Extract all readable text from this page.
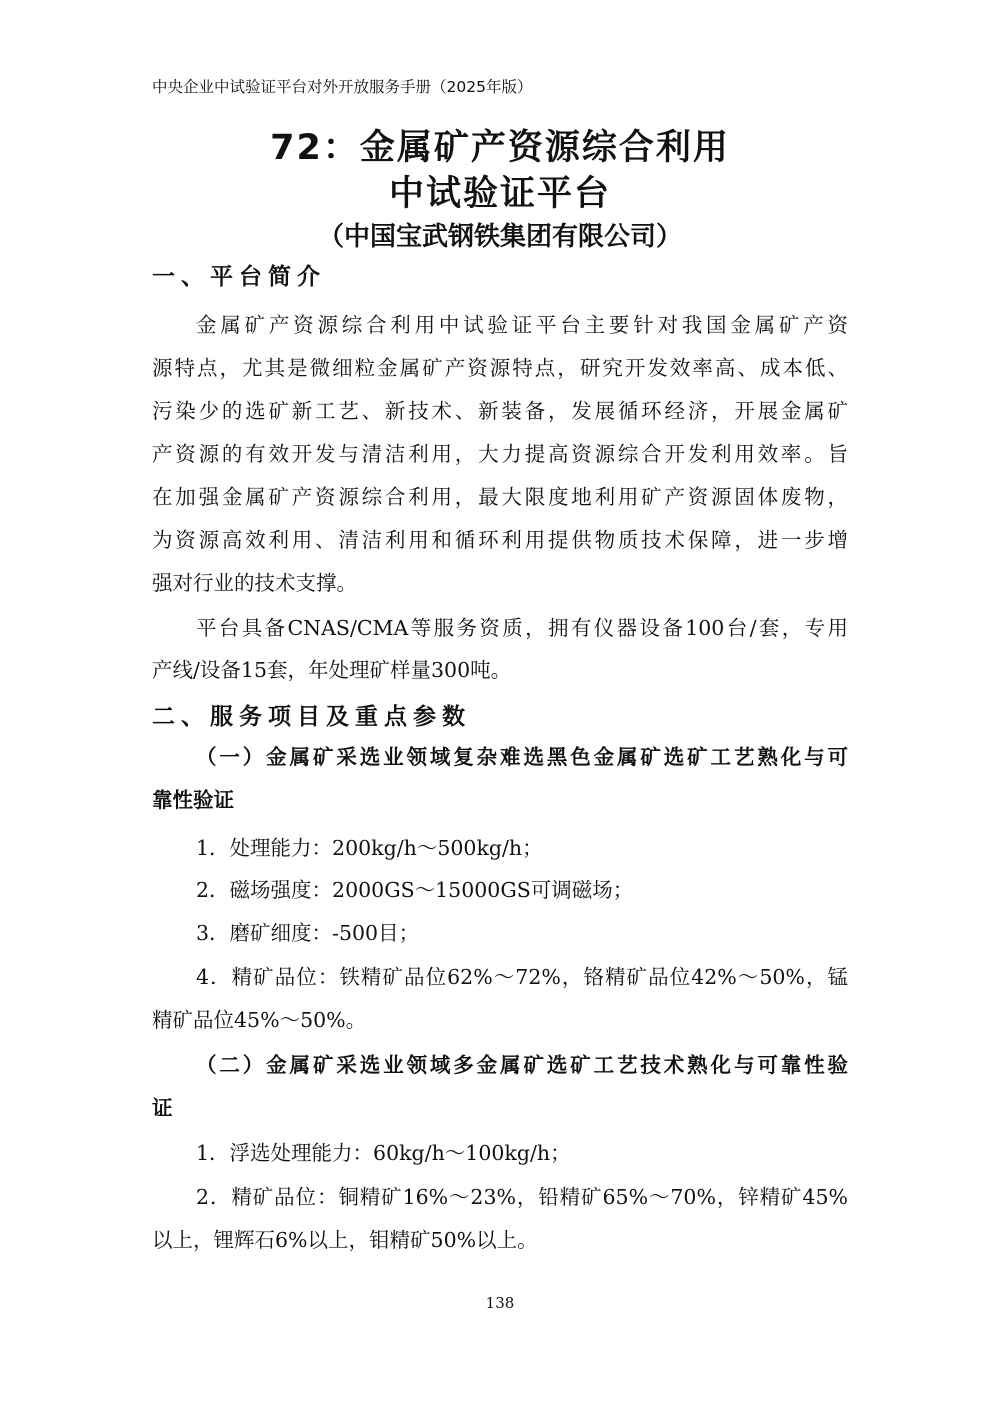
中央企业中试验证平台对外开放服务手册（2025年版）
72：金属矿产资源综合利用
中试验证平台
（中国宝武钢铁集团有限公司）
一、平台简介
金属矿产资源综合利用中试验证平台主要针对我国金属矿产资
源特点，尤其是微细粒金属矿产资源特点，研究开发效率高、成本低、
污染少的选矿新工艺、新技术、新装备，发展循环经济，开展金属矿
产资源的有效开发与清洁利用，大力提高资源综合开发利用效率。旨
在加强金属矿产资源综合利用，最大限度地利用矿产资源固体废物，
为资源高效利用、清洁利用和循环利用提供物质技术保障，进一步增
强对行业的技术支撑。
平台具备CNAS/CMA等服务资质，拥有仪器设备100台/套，专用
产线/设备15套，年处理矿样量300吨。
二、服务项目及重点参数
（一）金属矿采选业领域复杂难选黑色金属矿选矿工艺熟化与可
靠性验证
1．处理能力：200kg/h～500kg/h；
2．磁场强度：2000GS～15000GS可调磁场；
3．磨矿细度：-500目；
4．精矿品位：铁精矿品位62%～72%，铬精矿品位42%～50%，锰
精矿品位45%～50%。
（二）金属矿采选业领域多金属矿选矿工艺技术熟化与可靠性验
证
1．浮选处理能力：60kg/h～100kg/h；
2．精矿品位：铜精矿16%～23%，铅精矿65%～70%，锌精矿45%
以上，锂辉石6%以上，钼精矿50%以上。
138
